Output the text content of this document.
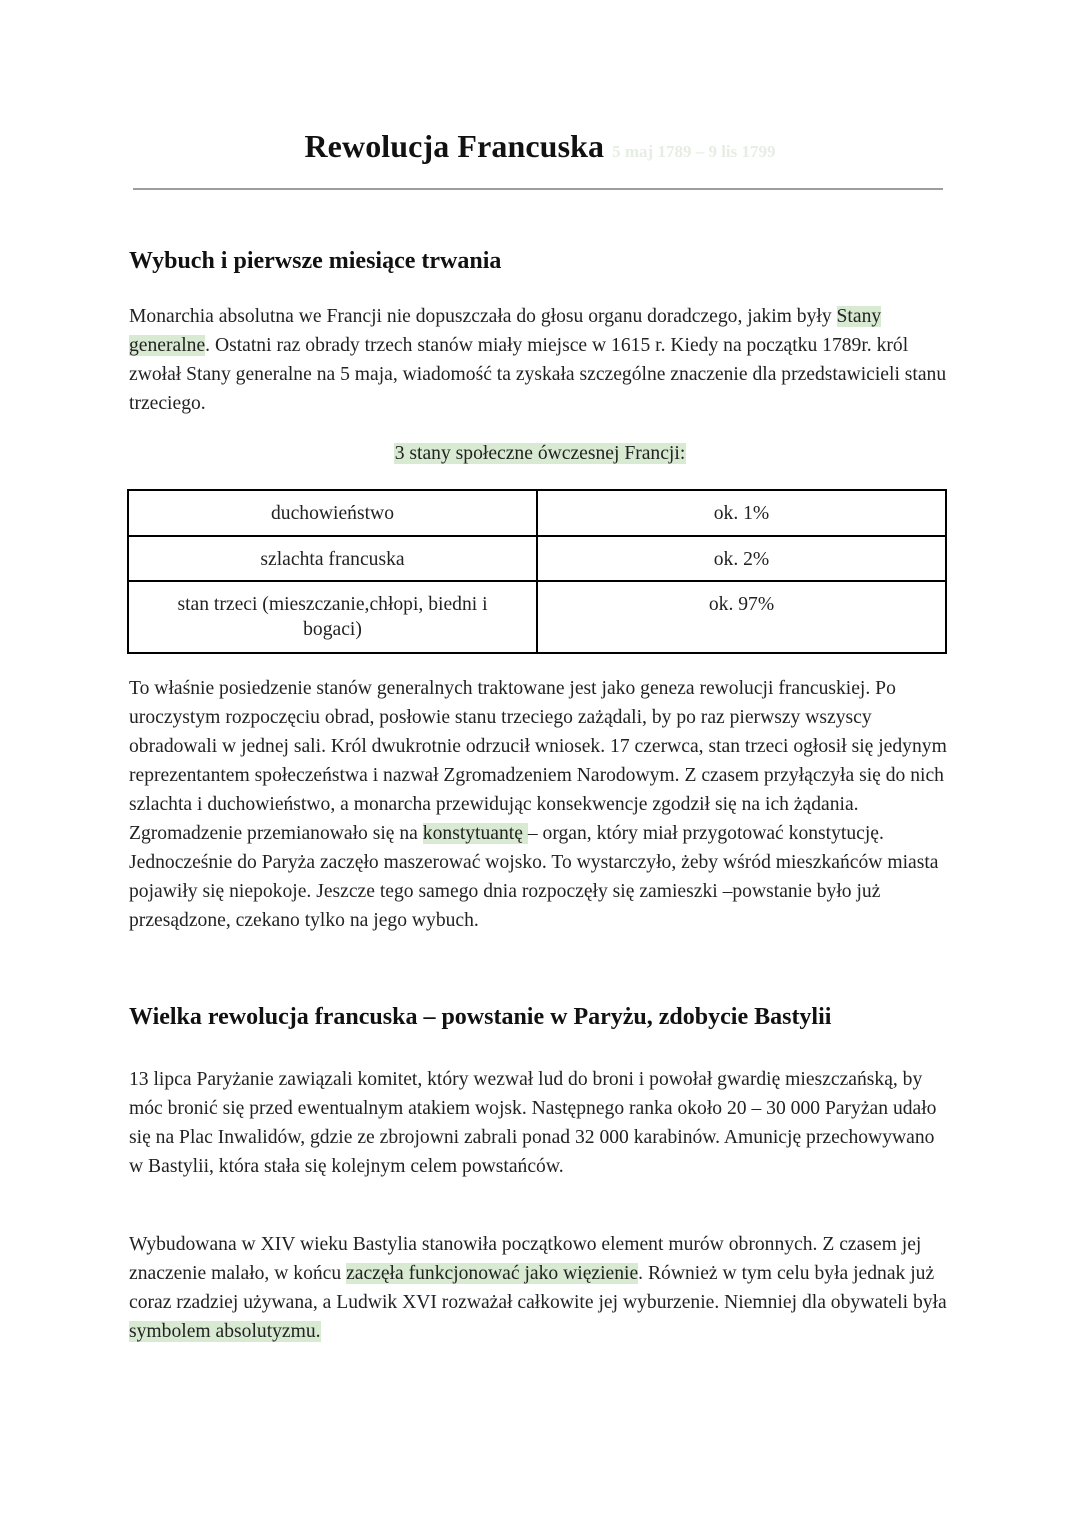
Rewolucja Francuska 5 maj 1789 – 9 lis 1799
Wybuch i pierwsze miesiące trwania

Monarchia absolutna we Francji nie dopuszczała do głosu organu doradczego, jakim były Stany generalne. Ostatni raz obrady trzech stanów miały miejsce w 1615 r. Kiedy na początku 1789r. król zwołał Stany generalne na 5 maja, wiadomość ta zyskała szczególne znaczenie dla przedstawicieli stanu trzeciego.

3 stany społeczne ówczesnej Francji:
duchowieństwo	ok. 1%
szlachta francuska	ok. 2%
stan trzeci (mieszczanie,chłopi, biedni i bogaci)	ok. 97%

To właśnie posiedzenie stanów generalnych traktowane jest jako geneza rewolucji francuskiej. Po uroczystym rozpoczęciu obrad, posłowie stanu trzeciego zażądali, by po raz pierwszy wszyscy obradowali w jednej sali. Król dwukrotnie odrzucił wniosek. 17 czerwca, stan trzeci ogłosił się jedynym reprezentantem społeczeństwa i nazwał Zgromadzeniem Narodowym. Z czasem przyłączyła się do nich szlachta i duchowieństwo, a monarcha przewidując konsekwencje zgodził się na ich żądania. Zgromadzenie przemianowało się na konstytuantę – organ, który miał przygotować konstytucję. Jednocześnie do Paryża zaczęło maszerować wojsko. To wystarczyło, żeby wśród mieszkańców miasta pojawiły się niepokoje. Jeszcze tego samego dnia rozpoczęły się zamieszki –powstanie było już przesądzone, czekano tylko na jego wybuch.

Wielka rewolucja francuska – powstanie w Paryżu, zdobycie Bastylii

13 lipca Paryżanie zawiązali komitet, który wezwał lud do broni i powołał gwardię mieszczańską, by móc bronić się przed ewentualnym atakiem wojsk. Następnego ranka około 20 – 30 000 Paryżan udało się na Plac Inwalidów, gdzie ze zbrojowni zabrali ponad 32 000 karabinów. Amunicję przechowywano w Bastylii, która stała się kolejnym celem powstańców.

Wybudowana w XIV wieku Bastylia stanowiła początkowo element murów obronnych. Z czasem jej znaczenie malało, w końcu zaczęła funkcjonować jako więzienie. Również w tym celu była jednak już coraz rzadziej używana, a Ludwik XVI rozważał całkowite jej wyburzenie. Niemniej dla obywateli była symbolem absolutyzmu.
